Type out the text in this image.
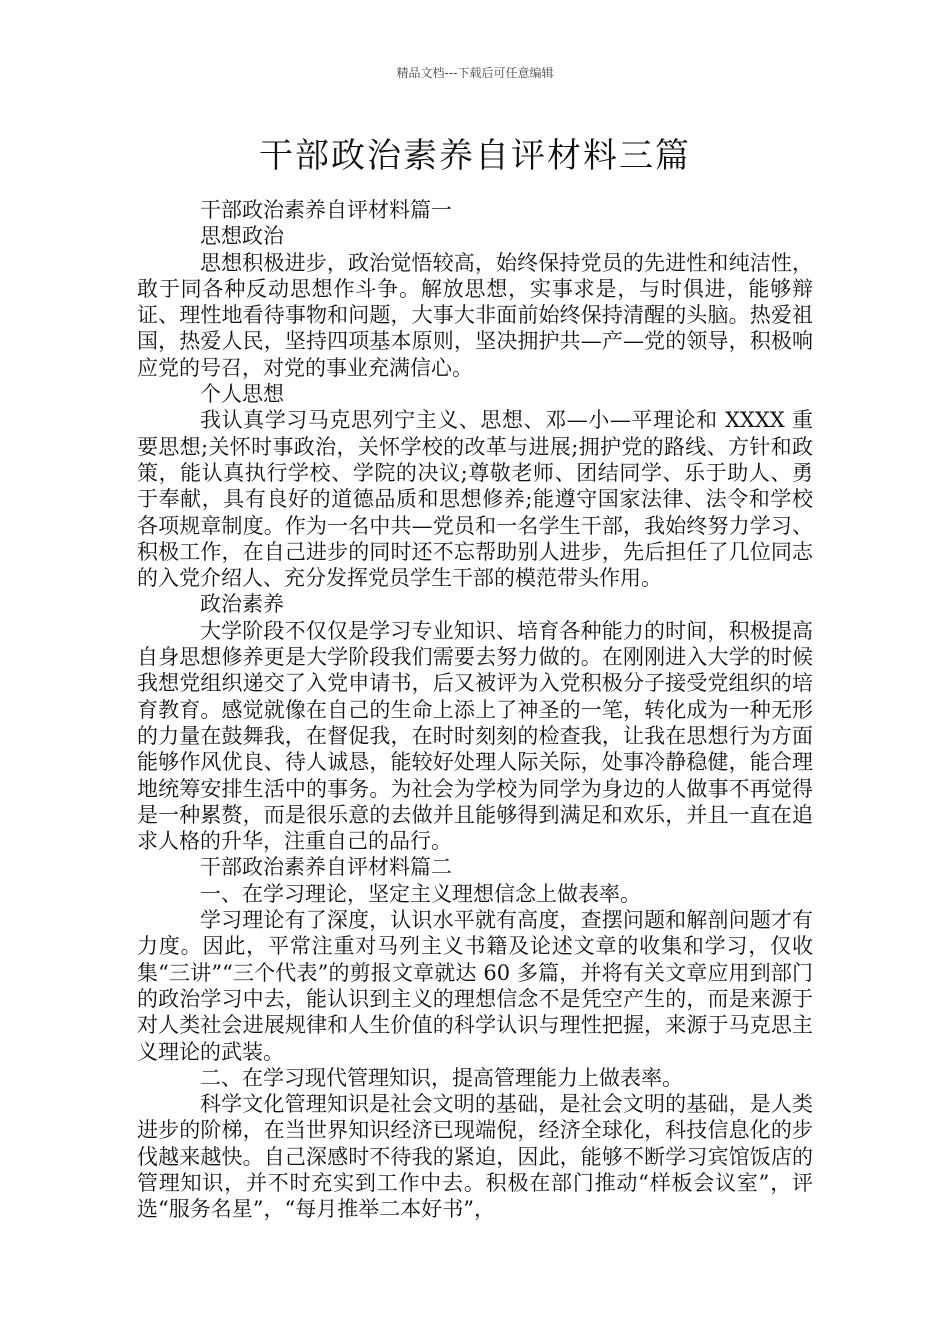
精品文档---下载后可任意编辑
干部政治素养自评材料三篇

干部政治素养自评材料篇一

思想政治

思想积极进步，政治觉悟较高，始终保持党员的先进性和纯洁性，敢于同各种反动思想作斗争。解放思想，实事求是，与时俱进，能够辩证、理性地看待事物和问题，大事大非面前始终保持清醒的头脑。热爱祖国，热爱人民，坚持四项基本原则，坚决拥护共—产—党的领导，积极响应党的号召，对党的事业充满信心。

个人思想

我认真学习马克思列宁主义、思想、邓—小—平理论和 XXXX 重要思想;关怀时事政治，关怀学校的改革与进展;拥护党的路线、方针和政策，能认真执行学校、学院的决议;尊敬老师、团结同学、乐于助人、勇于奉献，具有良好的道德品质和思想修养;能遵守国家法律、法令和学校各项规章制度。作为一名中共—党员和一名学生干部，我始终努力学习、积极工作，在自己进步的同时还不忘帮助别人进步，先后担任了几位同志的入党介绍人、充分发挥党员学生干部的模范带头作用。

政治素养

大学阶段不仅仅是学习专业知识、培育各种能力的时间，积极提高自身思想修养更是大学阶段我们需要去努力做的。在刚刚进入大学的时候我想党组织递交了入党申请书，后又被评为入党积极分子接受党组织的培育教育。感觉就像在自己的生命上添上了神圣的一笔，转化成为一种无形的力量在鼓舞我，在督促我，在时时刻刻的检查我，让我在思想行为方面能够作风优良、待人诚恳，能较好处理人际关际，处事冷静稳健，能合理地统筹安排生活中的事务。为社会为学校为同学为身边的人做事不再觉得是一种累赘，而是很乐意的去做并且能够得到满足和欢乐，并且一直在追求人格的升华，注重自己的品行。

干部政治素养自评材料篇二

一、在学习理论，坚定主义理想信念上做表率。

学习理论有了深度，认识水平就有高度，查摆问题和解剖问题才有力度。因此，平常注重对马列主义书籍及论述文章的收集和学习，仅收集“三讲”“三个代表”的剪报文章就达 60 多篇，并将有关文章应用到部门的政治学习中去，能认识到主义的理想信念不是凭空产生的，而是来源于对人类社会进展规律和人生价值的科学认识与理性把握，来源于马克思主义理论的武装。

二、在学习现代管理知识，提高管理能力上做表率。

科学文化管理知识是社会文明的基础，是社会文明的基础，是人类进步的阶梯，在当世界知识经济已现端倪，经济全球化，科技信息化的步伐越来越快。自己深感时不待我的紧迫，因此，能够不断学习宾馆饭店的管理知识，并不时充实到工作中去。积极在部门推动“样板会议室”，评选“服务名星”，“每月推举二本好书”，
